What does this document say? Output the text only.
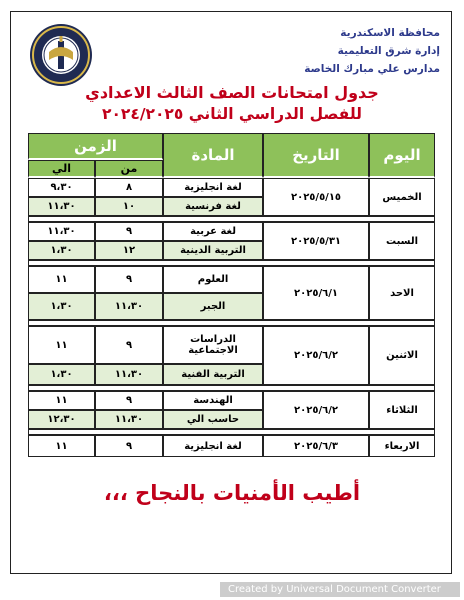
محافظة الاسكندرية
إدارة شرق التعليمية
مدارس علي مبارك الخاصة
جدول امتحانات الصف الثالث الاعدادي
للفصل الدراسي الثاني ٢٠٢٤/٢٠٢٥
اليوم	التاريخ	المادة	الزمن	
			من	الي
الخميس	٢٠٢٥/٥/١٥	لغة انجليزية	٨	٩،٣٠
		لغة فرنسية	١٠	١١،٣٠

السبت	٢٠٢٥/٥/٣١	لغة عربية	٩	١١،٣٠
		التربية الدينية	١٢	١،٣٠

الاحد	٢٠٢٥/٦/١	العلوم	٩	١١
		الجبر	١١،٣٠	١،٣٠

الاثنين	٢٠٢٥/٦/٢	الدراسات الاجتماعية	٩	١١
		التربية الفنية	١١،٣٠	١،٣٠

الثلاثاء	٢٠٢٥/٦/٢	الهندسة	٩	١١
		حاسب الي	١١،٣٠	١٢،٣٠

الاربعاء	٢٠٢٥/٦/٣	لغة انجليزية	٩	١١
أطيب الأمنيات بالنجاح ،،،
Created by Universal Document Converter
